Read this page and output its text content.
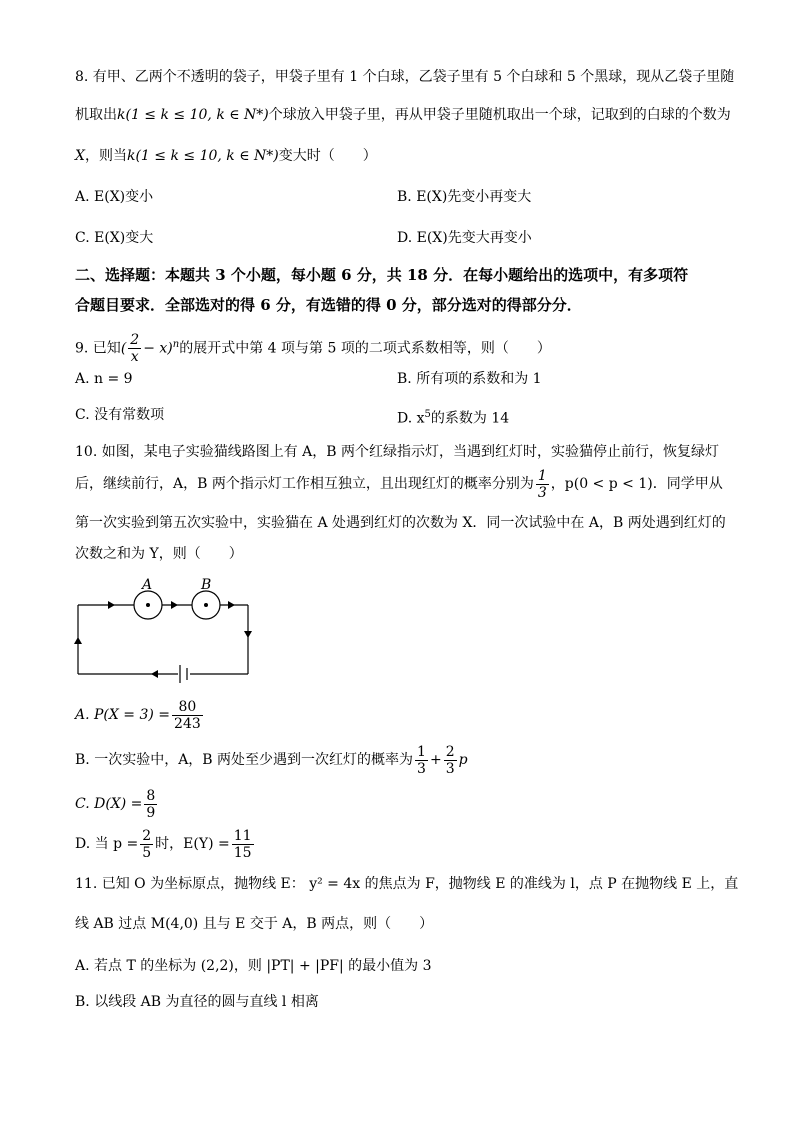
8. 有甲、乙两个不透明的袋子，甲袋子里有 1 个白球，乙袋子里有 5 个白球和 5 个黑球，现从乙袋子里随
机取出k(1 ≤ k ≤ 10, k ∈ N*)个球放入甲袋子里，再从甲袋子里随机取出一个球，记取到的白球的个数为
X，则当k(1 ≤ k ≤ 10, k ∈ N*)变大时（　　）
A. E(X)变小	B. E(X)先变小再变大
C. E(X)变大	D. E(X)先变大再变小
二、选择题：本题共 3 个小题，每小题 6 分，共 18 分．在每小题给出的选项中，有多项符
合题目要求．全部选对的得 6 分，有选错的得 0 分，部分选对的得部分分．
9. 已知( $\frac{2}{x} - x)^n$的展开式中第 4 项与第 5 项的二项式系数相等，则（　　）
A. n = 9	B. 所有项的系数和为 1
C. 没有常数项	D. $x^5$的系数为 14
10. 如图，某电子实验猫线路图上有 A，B 两个红绿指示灯，当遇到红灯时，实验猫停止前行，恢复绿灯
后，继续前行，A，B 两个指示灯工作相互独立，且出现红灯的概率分别为 $\frac{1}{3}$ ，p(0 < p < 1)．同学甲从
第一次实验到第五次实验中，实验猫在 A 处遇到红灯的次数为 X．同一次试验中在 A，B 两处遇到红灯的
次数之和为 Y，则（　　）
A	B
A. $P(X = 3) = \frac{80}{243}$
B. 一次实验中，A，B 两处至少遇到一次红灯的概率为 $\frac{1}{3} + \frac{2}{3}$ p
C. $D(X) = \frac{8}{9}$
D. 当 $p = \frac{2}{5}$ 时，$E(Y) = \frac{11}{15}$
11. 已知 O 为坐标原点，抛物线 E： y² = 4x 的焦点为 F，抛物线 E 的准线为 l，点 P 在抛物线 E 上，直
线 AB 过点 M(4,0) 且与 E 交于 A，B 两点，则（　　）
A. 若点 T 的坐标为 (2,2)，则 |PT| + |PF| 的最小值为 3
B. 以线段 AB 为直径的圆与直线 l 相离
